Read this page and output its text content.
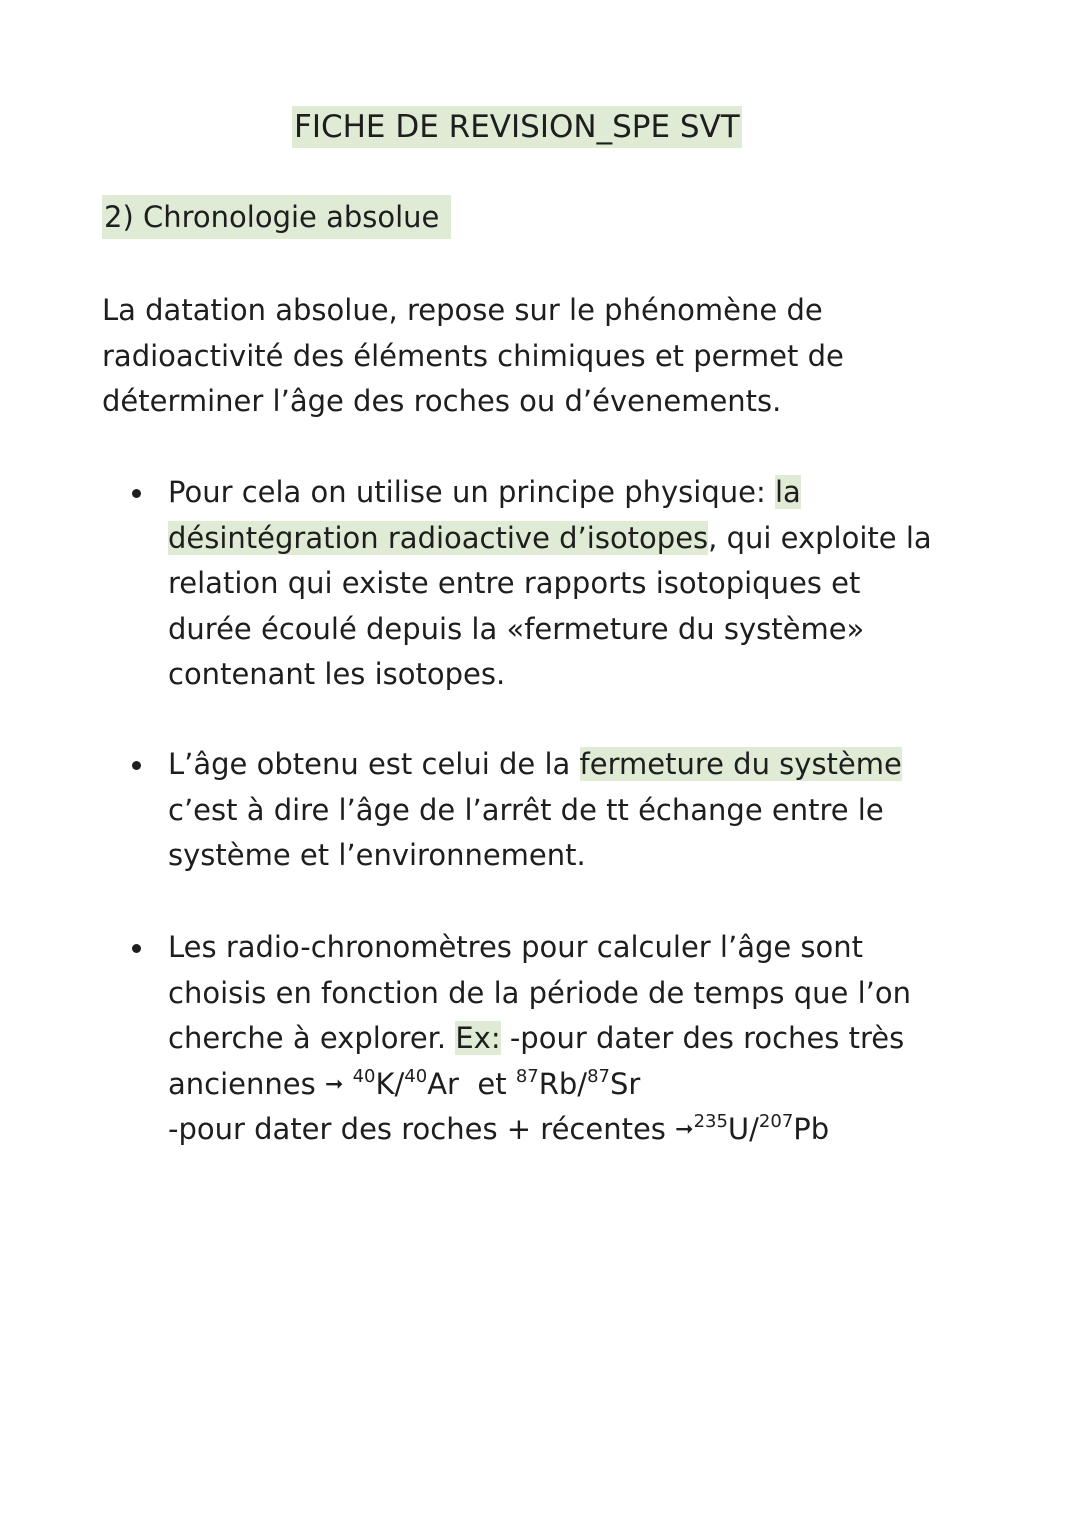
FICHE DE REVISION_SPE SVT
2) Chronologie absolue

La datation absolue, repose sur le phénomène de
radioactivité des éléments chimiques et permet de
déterminer l’âge des roches ou d’évenements.

Pour cela on utilise un principe physique: la
désintégration radioactive d’isotopes, qui exploite la
relation qui existe entre rapports isotopiques et
durée écoulé depuis la «fermeture du système»
contenant les isotopes.
L’âge obtenu est celui de la fermeture du système
c’est à dire l’âge de l’arrêt de tt échange entre le
système et l’environnement.
Les radio-chronomètres pour calculer l’âge sont
choisis en fonction de la période de temps que l’on
cherche à explorer. Ex: -pour dater des roches très
anciennes ➞ $^{40}$K/$^{40}$Ar et $^{87}$Rb/$^{87}$Sr
-pour dater des roches + récentes ➞$^{235}$U/$^{207}$Pb
